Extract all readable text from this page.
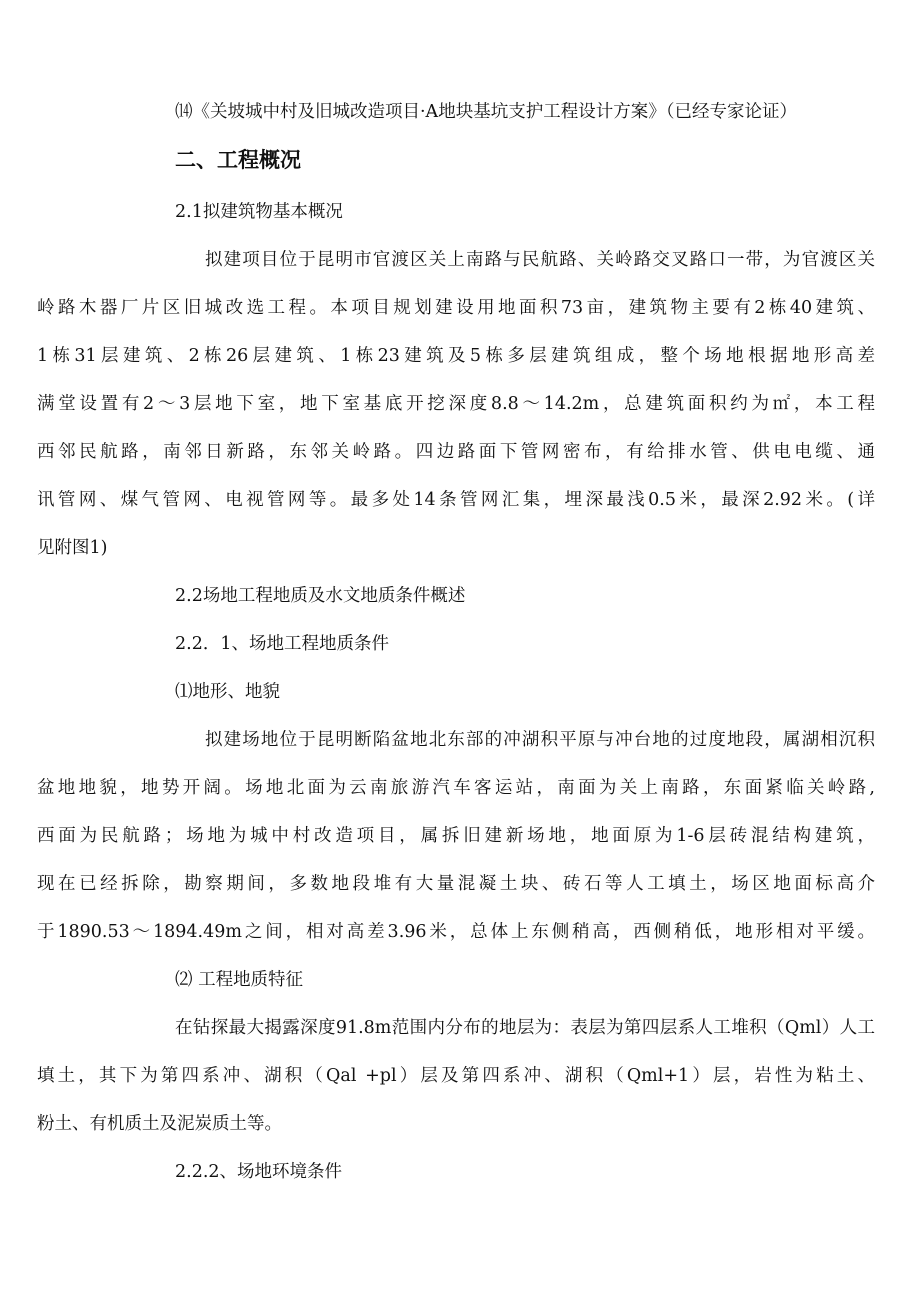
⒁《关坡城中村及旧城改造项目·A地块基坑支护工程设计方案》（已经专家论证）
二、工程概况
2.1拟建筑物基本概况
拟建项目位于昆明市官渡区关上南路与民航路、关岭路交叉路口一带，为官渡区关
岭路木器厂片区旧城改选工程。本项目规划建设用地面积73亩，建筑物主要有2栋40建筑、
1栋31层建筑、2栋26层建筑、1栋23建筑及5栋多层建筑组成，整个场地根据地形高差
满堂设置有2～3层地下室，地下室基底开挖深度8.8～14.2m，总建筑面积约为㎡，本工程
西邻民航路，南邻日新路，东邻关岭路。四边路面下管网密布，有给排水管、供电电缆、通
讯管网、煤气管网、电视管网等。最多处14条管网汇集，埋深最浅0.5米，最深2.92米。(详
见附图1)
2.2场地工程地质及水文地质条件概述
2.2．1、场地工程地质条件
⑴地形、地貌
拟建场地位于昆明断陷盆地北东部的冲湖积平原与冲台地的过度地段，属湖相沉积
盆地地貌，地势开阔。场地北面为云南旅游汽车客运站，南面为关上南路，东面紧临关岭路,
西面为民航路；场地为城中村改造项目，属拆旧建新场地，地面原为1-6层砖混结构建筑，
现在已经拆除，勘察期间，多数地段堆有大量混凝土块、砖石等人工填土，场区地面标高介
于1890.53～1894.49m之间，相对高差3.96米，总体上东侧稍高，西侧稍低，地形相对平缓。
⑵ 工程地质特征
在钻探最大揭露深度91.8m范围内分布的地层为：表层为第四层系人工堆积（Qml）人工
填土，其下为第四系冲、湖积（Qal +pl）层及第四系冲、湖积（Qml+1）层，岩性为粘土、
粉土、有机质土及泥炭质土等。
2.2.2、场地环境条件
